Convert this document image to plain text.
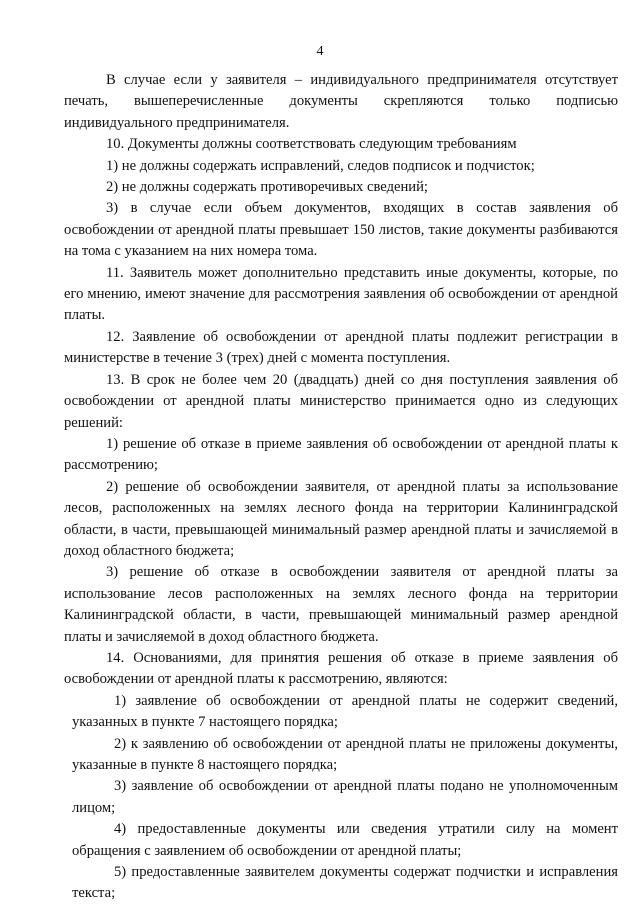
4

В случае если у заявителя – индивидуального предпринимателя отсутствует печать, вышеперечисленные документы скрепляются только подписью индивидуального предпринимателя.

10. Документы должны соответствовать следующим требованиям

1) не должны содержать исправлений, следов подписок и подчисток;

2) не должны содержать противоречивых сведений;

3) в случае если объем документов, входящих в состав заявления об освобождении от арендной платы превышает 150 листов, такие документы разбиваются на тома с указанием на них номера тома.

11. Заявитель может дополнительно представить иные документы, которые, по его мнению, имеют значение для рассмотрения заявления об освобождении от арендной платы.

12. Заявление об освобождении от арендной платы подлежит регистрации в министерстве в течение 3 (трех) дней с момента поступления.

13. В срок не более чем 20 (двадцать) дней со дня поступления заявления об освобождении от арендной платы министерство принимается одно из следующих решений:

1) решение об отказе в приеме заявления об освобождении от арендной платы к рассмотрению;

2) решение об освобождении заявителя, от арендной платы за использование лесов, расположенных на землях лесного фонда на территории Калининградской области, в части, превышающей минимальный размер арендной платы и зачисляемой в доход областного бюджета;

3) решение об отказе в освобождении заявителя от арендной платы за использование лесов расположенных на землях лесного фонда на территории Калининградской области, в части, превышающей минимальный размер арендной платы и зачисляемой в доход областного бюджета.

14. Основаниями, для принятия решения об отказе в приеме заявления об освобождении от арендной платы к рассмотрению, являются:

1) заявление об освобождении от арендной платы не содержит сведений, указанных в пункте 7 настоящего порядка;

2) к заявлению об освобождении от арендной платы не приложены документы, указанные в пункте 8 настоящего порядка;

3) заявление об освобождении от арендной платы подано не уполномоченным лицом;

4) предоставленные документы или сведения утратили силу на момент обращения с заявлением об освобождении от арендной платы;

5) предоставленные заявителем документы содержат подчистки и исправления текста;
